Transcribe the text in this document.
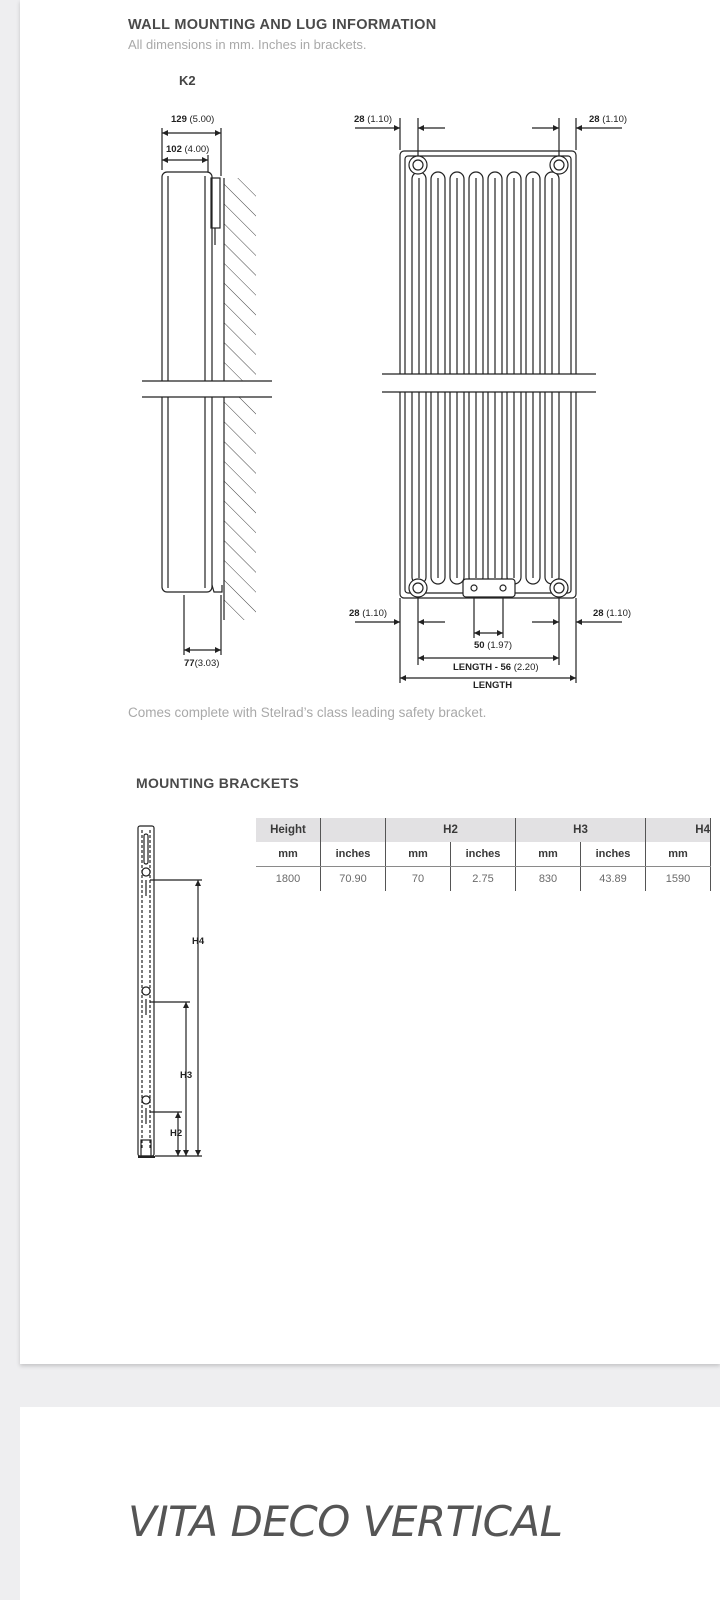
WALL MOUNTING AND LUG INFORMATION

All dimensions in mm. Inches in brackets.

K2
129 (5.00)
102 (4.00)
77(3.03)
28 (1.10)	28 (1.10)
28 (1.10)	28 (1.10)
50 (1.97)
LENGTH - 56 (2.20)
LENGTH

Comes complete with Stelrad’s class leading safety bracket.

MOUNTING BRACKETS
H4
H3
H2
Height		H2		H3		H4
mm	inches	mm	inches	mm	inches	mm
1800	70.90	70	2.75	830	43.89	1590
VITA DECO VERTICAL
